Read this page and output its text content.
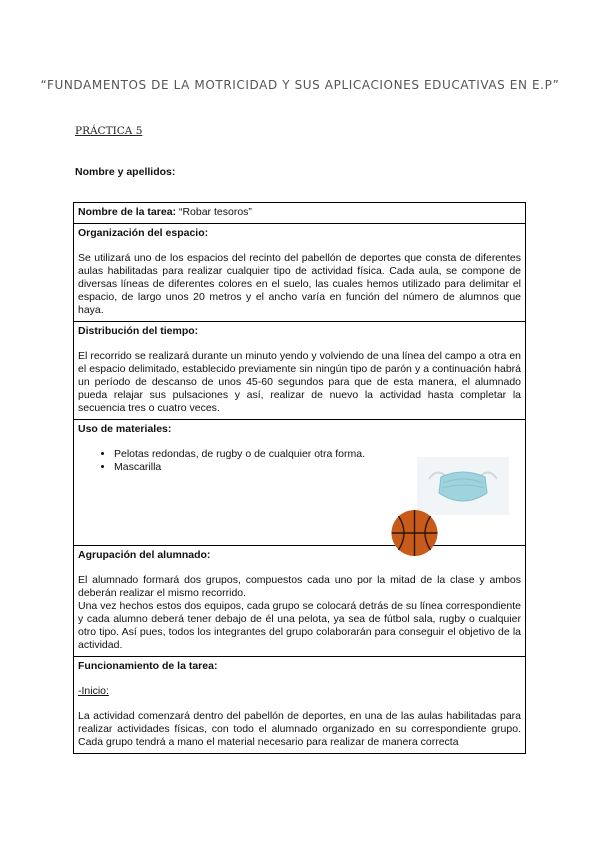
“FUNDAMENTOS DE LA MOTRICIDAD Y SUS APLICACIONES EDUCATIVAS EN E.P”
PRÁCTICA 5
Nombre y apellidos:
Nombre de la tarea: “Robar tesoros”

Organización del espacio:

Se utilizará uno de los espacios del recinto del pabellón de deportes que consta de diferentes aulas habilitadas para realizar cualquier tipo de actividad física. Cada aula, se compone de diversas líneas de diferentes colores en el suelo, las cuales hemos utilizado para delimitar el espacio, de largo unos 20 metros y el ancho varía en función del número de alumnos que haya.

Distribución del tiempo:

El recorrido se realizará durante un minuto yendo y volviendo de una línea del campo a otra en el espacio delimitado, establecido previamente sin ningún tipo de parón y a continuación habrá un período de descanso de unos 45-60 segundos para que de esta manera, el alumnado pueda relajar sus pulsaciones y así, realizar de nuevo la actividad hasta completar la secuencia tres o cuatro veces.

Uso de materiales:
• Pelotas redondas, de rugby o de cualquier otra forma.
• Mascarilla

Agrupación del alumnado:

El alumnado formará dos grupos, compuestos cada uno por la mitad de la clase y ambos deberán realizar el mismo recorrido.

Una vez hechos estos dos equipos, cada grupo se colocará detrás de su línea correspondiente y cada alumno deberá tener debajo de él una pelota, ya sea de fútbol sala, rugby o cualquier otro tipo. Así pues, todos los integrantes del grupo colaborarán para conseguir el objetivo de la actividad.

Funcionamiento de la tarea:
-Inicio:

La actividad comenzará dentro del pabellón de deportes, en una de las aulas habilitadas para realizar actividades físicas, con todo el alumnado organizado en su correspondiente grupo. Cada grupo tendrá a mano el material necesario para realizar de manera correcta
